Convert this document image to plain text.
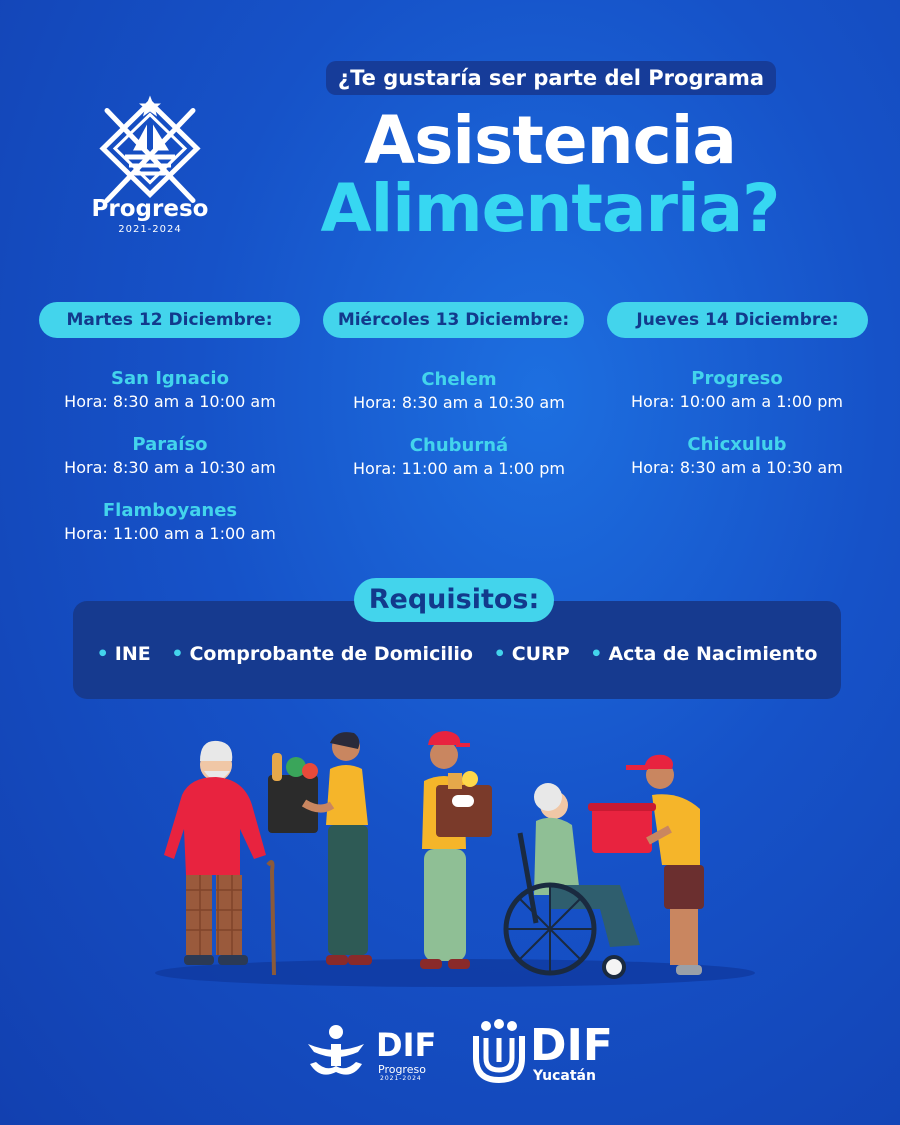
Progreso
2021-2024
¿Te gustaría ser parte del Programa
Asistencia
Alimentaria?
Martes 12 Diciembre:
San Ignacio
Hora: 8:30 am a 10:00 am
Paraíso
Hora: 8:30 am a 10:30 am
Flamboyanes
Hora: 11:00 am a 1:00 am
Miércoles 13 Diciembre:
Chelem
Hora: 8:30 am a 10:30 am
Chuburná
Hora: 11:00 am a 1:00 pm
Jueves 14 Diciembre:
Progreso
Hora: 10:00 am a 1:00 pm
Chicxulub
Hora: 8:30 am a 10:30 am
Requisitos:
• INE • Comprobante de Domicilio • CURP • Acta de Nacimiento
DIF
Progreso
2021-2024
DIF
Yucatán
